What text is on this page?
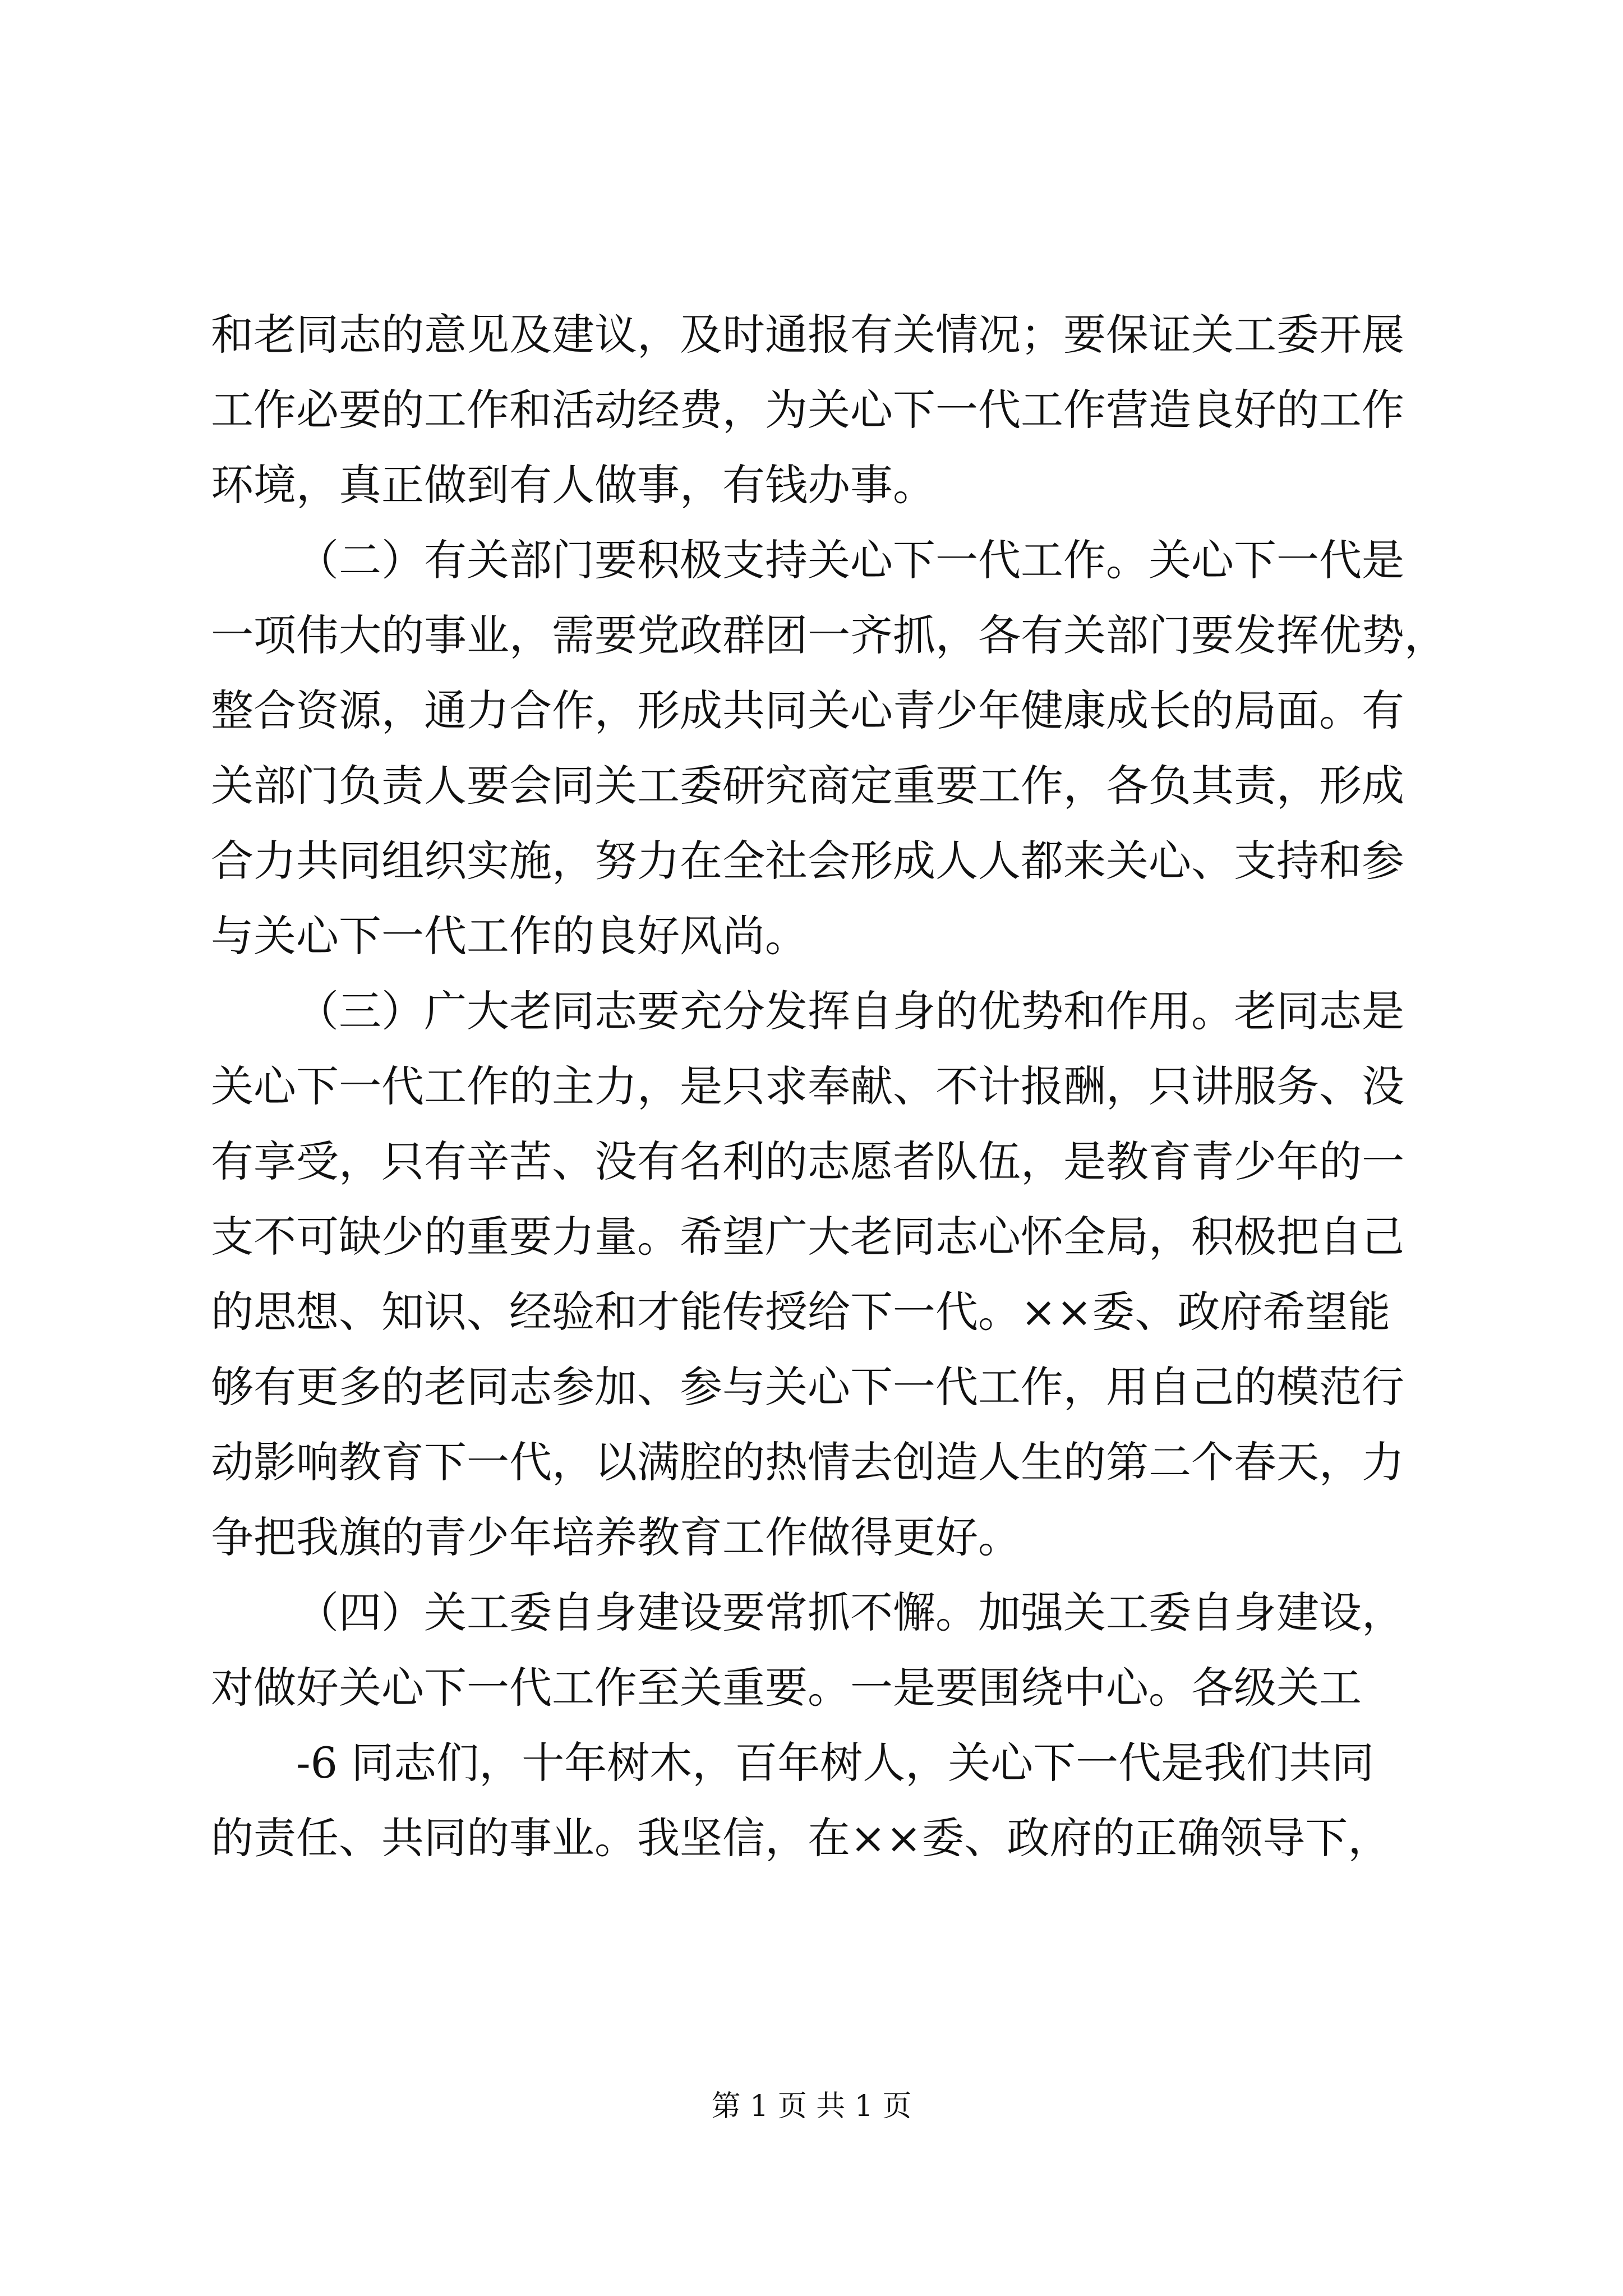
和老同志的意见及建议，及时通报有关情况；要保证关工委开展
工作必要的工作和活动经费，为关心下一代工作营造良好的工作
环境，真正做到有人做事，有钱办事。
（二）有关部门要积极支持关心下一代工作。关心下一代是
一项伟大的事业，需要党政群团一齐抓，各有关部门要发挥优势，
整合资源，通力合作，形成共同关心青少年健康成长的局面。有
关部门负责人要会同关工委研究商定重要工作，各负其责，形成
合力共同组织实施，努力在全社会形成人人都来关心、支持和参
与关心下一代工作的良好风尚。
（三）广大老同志要充分发挥自身的优势和作用。老同志是
关心下一代工作的主力，是只求奉献、不计报酬，只讲服务、没
有享受，只有辛苦、没有名利的志愿者队伍，是教育青少年的一
支不可缺少的重要力量。希望广大老同志心怀全局，积极把自己
的思想、知识、经验和才能传授给下一代。××委、政府希望能
够有更多的老同志参加、参与关心下一代工作，用自己的模范行
动影响教育下一代，以满腔的热情去创造人生的第二个春天，力
争把我旗的青少年培养教育工作做得更好。
（四）关工委自身建设要常抓不懈。加强关工委自身建设，
对做好关心下一代工作至关重要。一是要围绕中心。各级关工
-6 同志们，十年树木，百年树人，关心下一代是我们共同
的责任、共同的事业。我坚信，在××委、政府的正确领导下，
第 1 页 共 1 页
